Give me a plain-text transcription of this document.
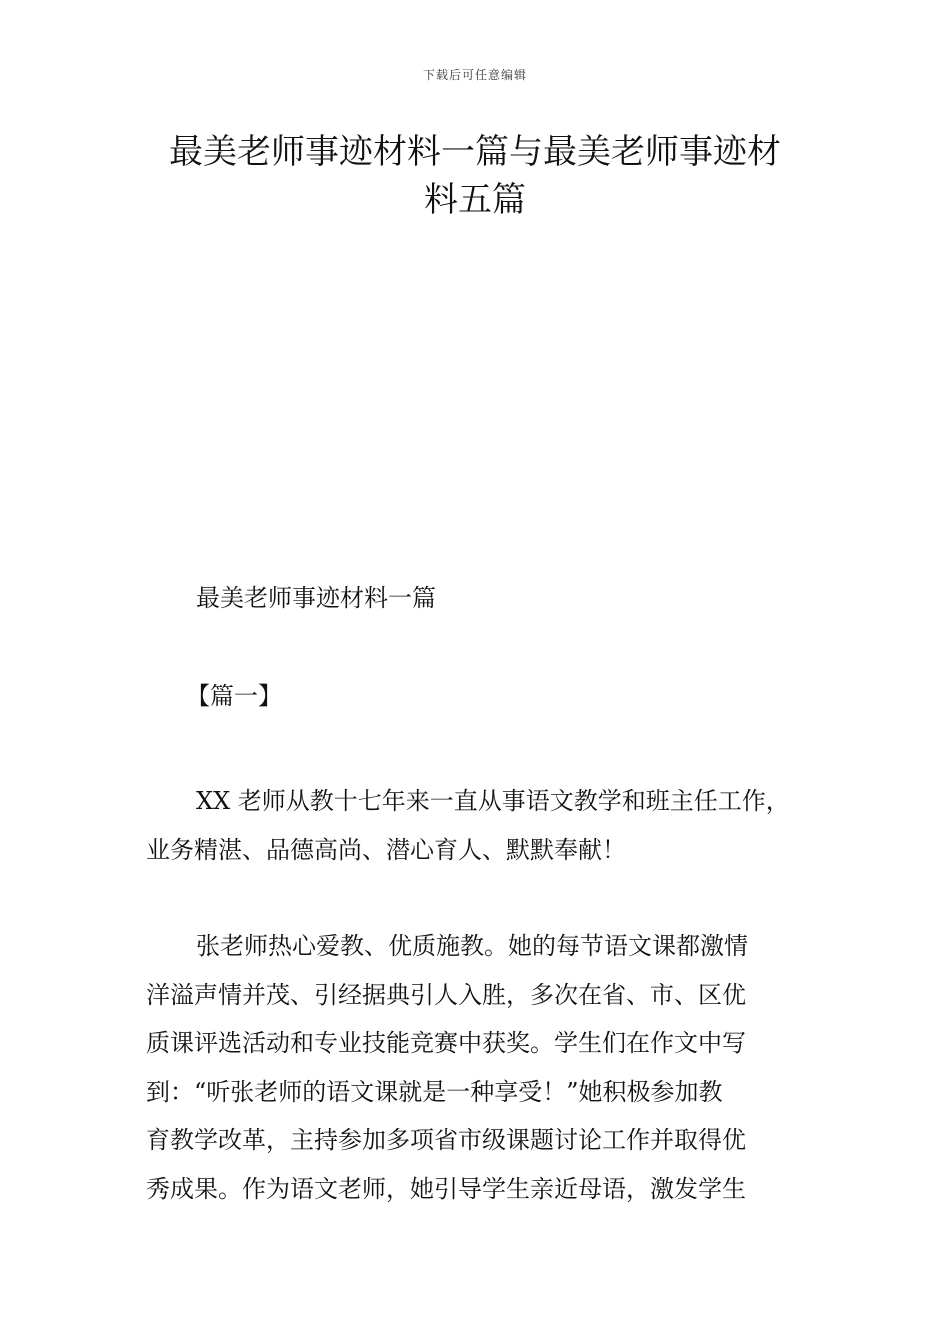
下载后可任意编辑
最美老师事迹材料一篇与最美老师事迹材
料五篇
最美老师事迹材料一篇
【篇一】
XX 老师从教十七年来一直从事语文教学和班主任工作，
业务精湛、品德高尚、潜心育人、默默奉献！
张老师热心爱教、优质施教。她的每节语文课都激情
洋溢声情并茂、引经据典引人入胜，多次在省、市、区优
质课评选活动和专业技能竞赛中获奖。学生们在作文中写
到：“听张老师的语文课就是一种享受！”她积极参加教
育教学改革，主持参加多项省市级课题讨论工作并取得优
秀成果。作为语文老师，她引导学生亲近母语，激发学生
